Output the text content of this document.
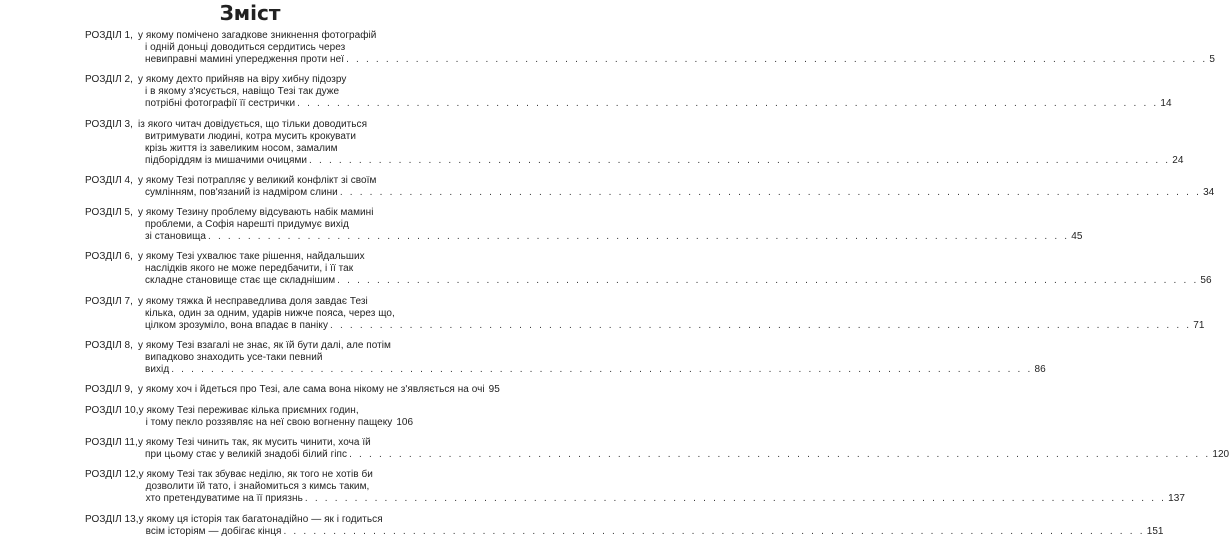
Зміст
РОЗДІЛ 1, у якому помічено загадкове зникнення фотографій
і одній доньці доводиться сердитись через
невиправні мамині упередження проти неї . . .	5
РОЗДІЛ 2, у якому дехто прийняв на віру хибну підозру
і в якому з'ясується, навіщо Тезі так дуже
потрібні фотографії її сестрички . . .	14
РОЗДІЛ 3, із якого читач довідується, що тільки доводиться
витримувати людині, котра мусить крокувати
крізь життя із завеликим носом, замалим
підборіддям із мишачими очицями . . .	24
РОЗДІЛ 4, у якому Тезі потрапляє у великий конфлікт зі своїм
сумлінням, пов'язаний із надміром слини . . .	34
РОЗДІЛ 5, у якому Тезину проблему відсувають набік мамині
проблеми, а Софія нарешті придумує вихід
зі становища . . .	45
РОЗДІЛ 6, у якому Тезі ухвалює таке рішення, найдальших
наслідків якого не може передбачити, і її так
складне становище стає ще складнішим . . .	56
РОЗДІЛ 7, у якому тяжка й несправедлива доля завдає Тезі
кілька, один за одним, ударів нижче пояса, через що,
цілком зрозуміло, вона впадає в паніку . . .	71
РОЗДІЛ 8, у якому Тезі взагалі не знає, як їй бути далі, але потім
випадково знаходить усе-таки певний
вихід . . .	86
РОЗДІЛ 9, у якому хоч і йдеться про Тезі, але сама вона нікому не з'являється на очі 95
РОЗДІЛ 10, у якому Тезі переживає кілька приємних годин,
і тому пекло роззявляє на неї свою вогненну пащеку 106
РОЗДІЛ 11, у якому Тезі чинить так, як мусить чинити, хоча їй
при цьому стає у великій знадобі білий гіпс . . .	120
РОЗДІЛ 12, у якому Тезі так збуває неділю, як того не хотів би
дозволити їй тато, і знайомиться з кимсь таким,
хто претендуватиме на її приязнь . . .	137
РОЗДІЛ 13, у якому ця історія так багатонадійно — як і годиться
всім історіям — добігає кінця . . .	151
